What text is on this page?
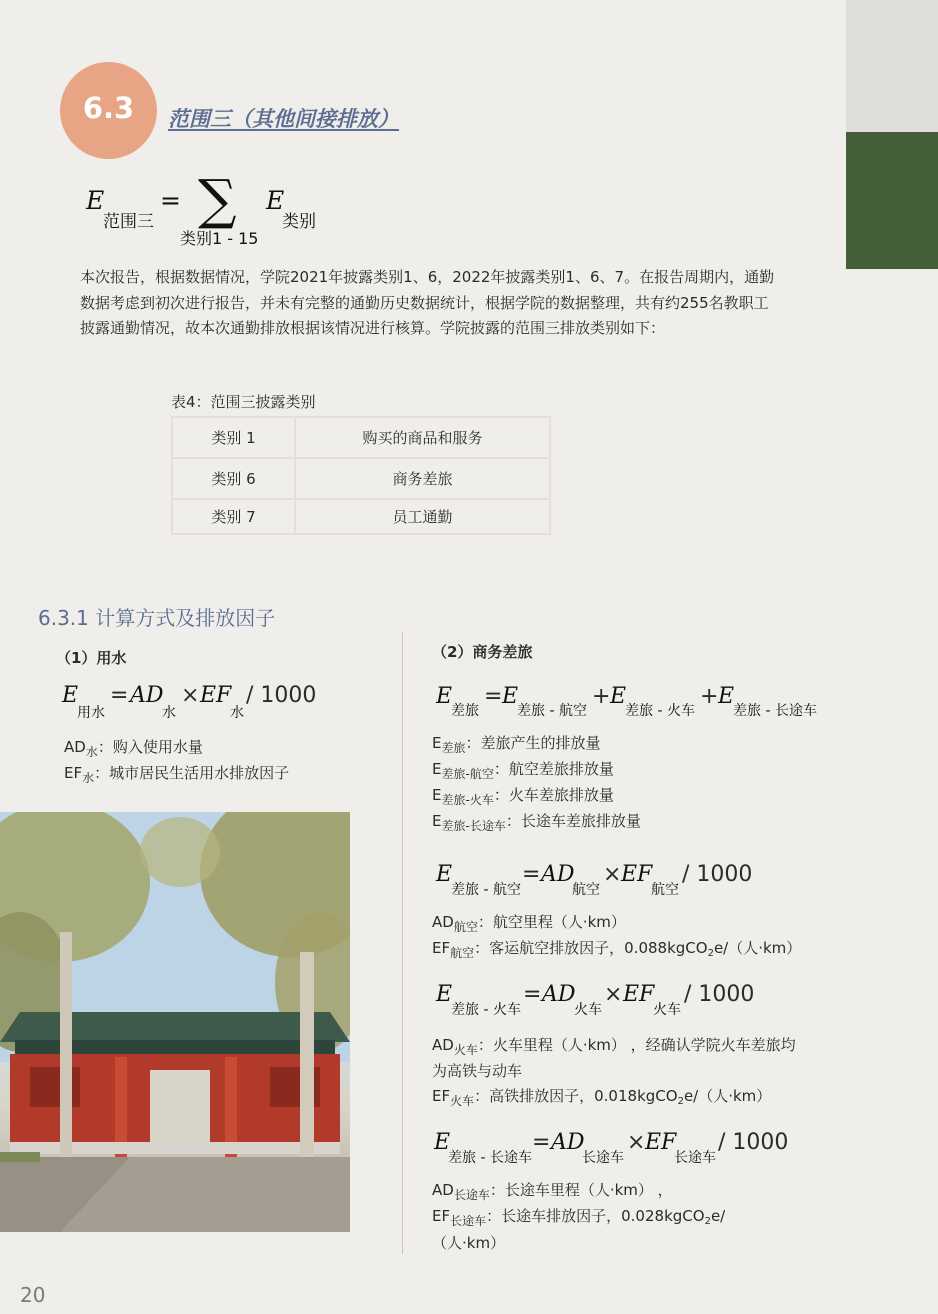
6.3	范围三（其他间接排放）
E
范围三
= ∑
类别1 - 15
E
类别

本次报告，根据数据情况，学院2021年披露类别1、6，2022年披露类别1、6、7。在报告周期内，通勤数据考虑到初次进行报告，并未有完整的通勤历史数据统计，根据学院的数据整理，共有约255名教职工披露通勤情况，故本次通勤排放根据该情况进行核算。学院披露的范围三排放类别如下：

表4：范围三披露类别
类别 1	购买的商品和服务
类别 6	商务差旅
类别 7	员工通勤
6.3.1 计算方式及排放因子
（1）用水
E
用水
= AD
水
× EF
水
/ 1000
$AD_水$：购入使用水量
$EF_水$：城市居民生活用水排放因子
（2）商务差旅
E
差旅
= E
差旅 - 航空
+ E
差旅 - 火车
+ E
差旅 - 长途车
$E_{差旅}$：差旅产生的排放量
$E_{差旅-航空}$：航空差旅排放量
$E_{差旅-火车}$：火车差旅排放量
$E_{差旅-长途车}$：长途车差旅排放量
E
差旅 - 航空
= AD
航空
× EF
航空
/ 1000
$AD_{航空}$：航空里程（人·km）
$EF_{航空}$：客运航空排放因子，0.088kgCO$_2$e/（人·km）
E
差旅 - 火车
= AD
火车
× EF
火车
/ 1000
$AD_{火车}$：火车里程（人·km） ，经确认学院火车差旅均
为高铁与动车
$EF_{火车}$：高铁排放因子，0.018kgCO$_2$e/（人·km）
E
差旅 - 长途车
= AD
长途车
× EF
长途车
/ 1000
$AD_{长途车}$：长途车里程（人·km） ，
$EF_{长途车}$：长途车排放因子，0.028kgCO$_2$e/
（人·km）
20
